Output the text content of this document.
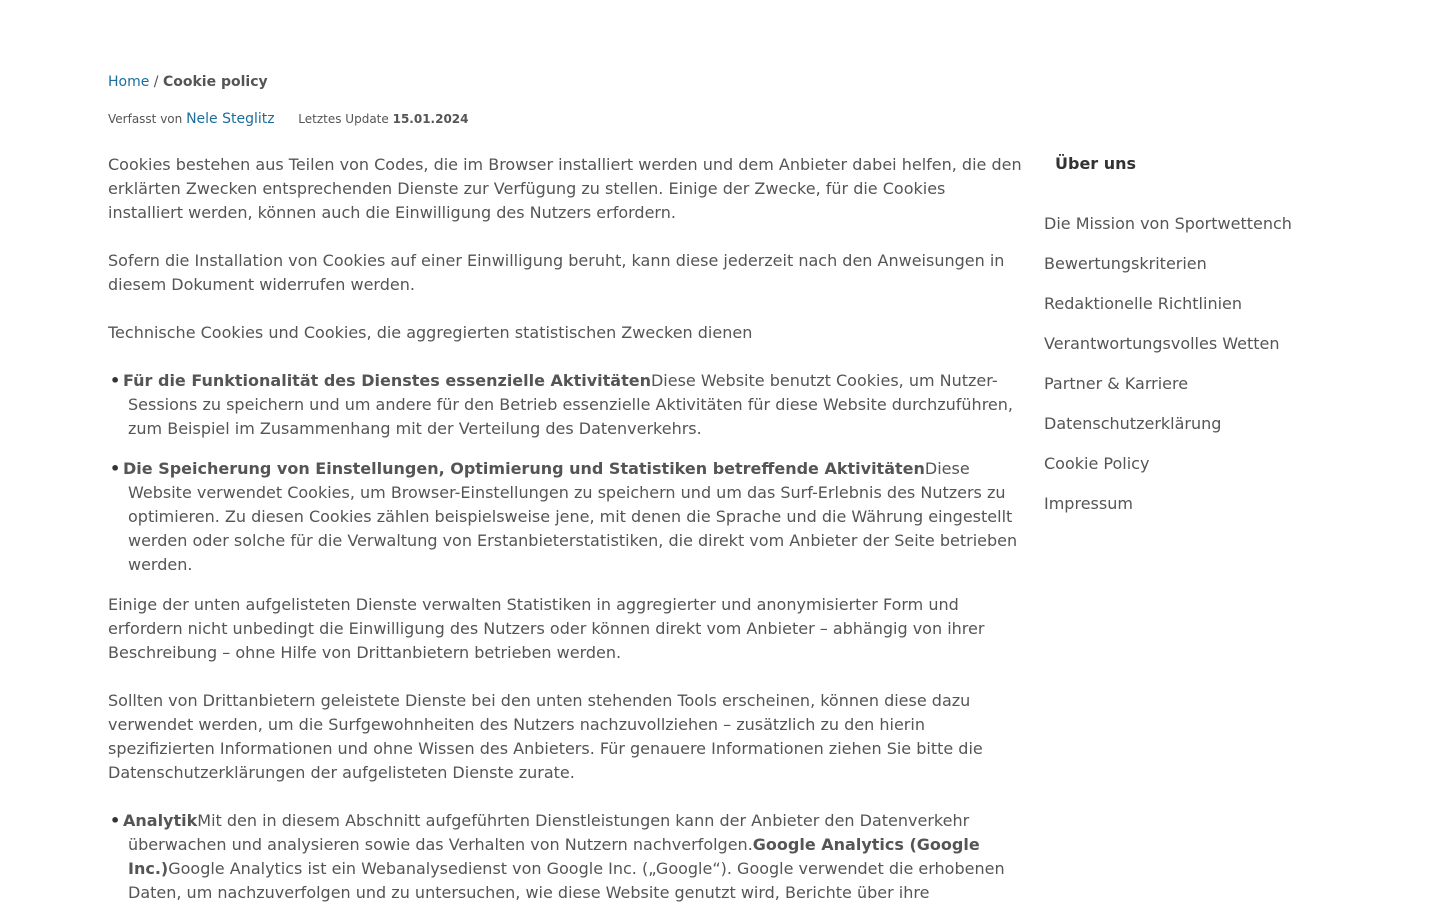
Home / Cookie policy
Verfasst von Nele Steglitz Letztes Update 15.01.2024

Cookies bestehen aus Teilen von Codes, die im Browser installiert werden und dem Anbieter dabei helfen, die den erklärten Zwecken entsprechenden Dienste zur Verfügung zu stellen. Einige der Zwecke, für die Cookies installiert werden, können auch die Einwilligung des Nutzers erfordern.

Sofern die Installation von Cookies auf einer Einwilligung beruht, kann diese jederzeit nach den Anweisungen in diesem Dokument widerrufen werden.

Technische Cookies und Cookies, die aggregierten statistischen Zwecken dienen

• Für die Funktionalität des Dienstes essenzielle AktivitätenDiese Website benutzt Cookies, um Nutzer-Sessions zu speichern und um andere für den Betrieb essenzielle Aktivitäten für diese Website durchzuführen, zum Beispiel im Zusammenhang mit der Verteilung des Datenverkehrs.
• Die Speicherung von Einstellungen, Optimierung und Statistiken betreffende AktivitätenDiese Website verwendet Cookies, um Browser-Einstellungen zu speichern und um das Surf-Erlebnis des Nutzers zu optimieren. Zu diesen Cookies zählen beispielsweise jene, mit denen die Sprache und die Währung eingestellt werden oder solche für die Verwaltung von Erstanbieterstatistiken, die direkt vom Anbieter der Seite betrieben werden.

Einige der unten aufgelisteten Dienste verwalten Statistiken in aggregierter und anonymisierter Form und erfordern nicht unbedingt die Einwilligung des Nutzers oder können direkt vom Anbieter – abhängig von ihrer Beschreibung – ohne Hilfe von Drittanbietern betrieben werden.

Sollten von Drittanbietern geleistete Dienste bei den unten stehenden Tools erscheinen, können diese dazu verwendet werden, um die Surfgewohnheiten des Nutzers nachzuvollziehen – zusätzlich zu den hierin spezifizierten Informationen und ohne Wissen des Anbieters. Für genauere Informationen ziehen Sie bitte die Datenschutzerklärungen der aufgelisteten Dienste zurate.

• AnalytikMit den in diesem Abschnitt aufgeführten Dienstleistungen kann der Anbieter den Datenverkehr überwachen und analysieren sowie das Verhalten von Nutzern nachverfolgen.Google Analytics (Google Inc.)Google Analytics ist ein Webanalysedienst von Google Inc. („Google“). Google verwendet die erhobenen Daten, um nachzuverfolgen und zu untersuchen, wie diese Website genutzt wird, Berichte über ihre
Über uns
Die Mission von Sportwettench
Bewertungskriterien
Redaktionelle Richtlinien
Verantwortungsvolles Wetten
Partner & Karriere
Datenschutzerklärung
Cookie Policy
Impressum
